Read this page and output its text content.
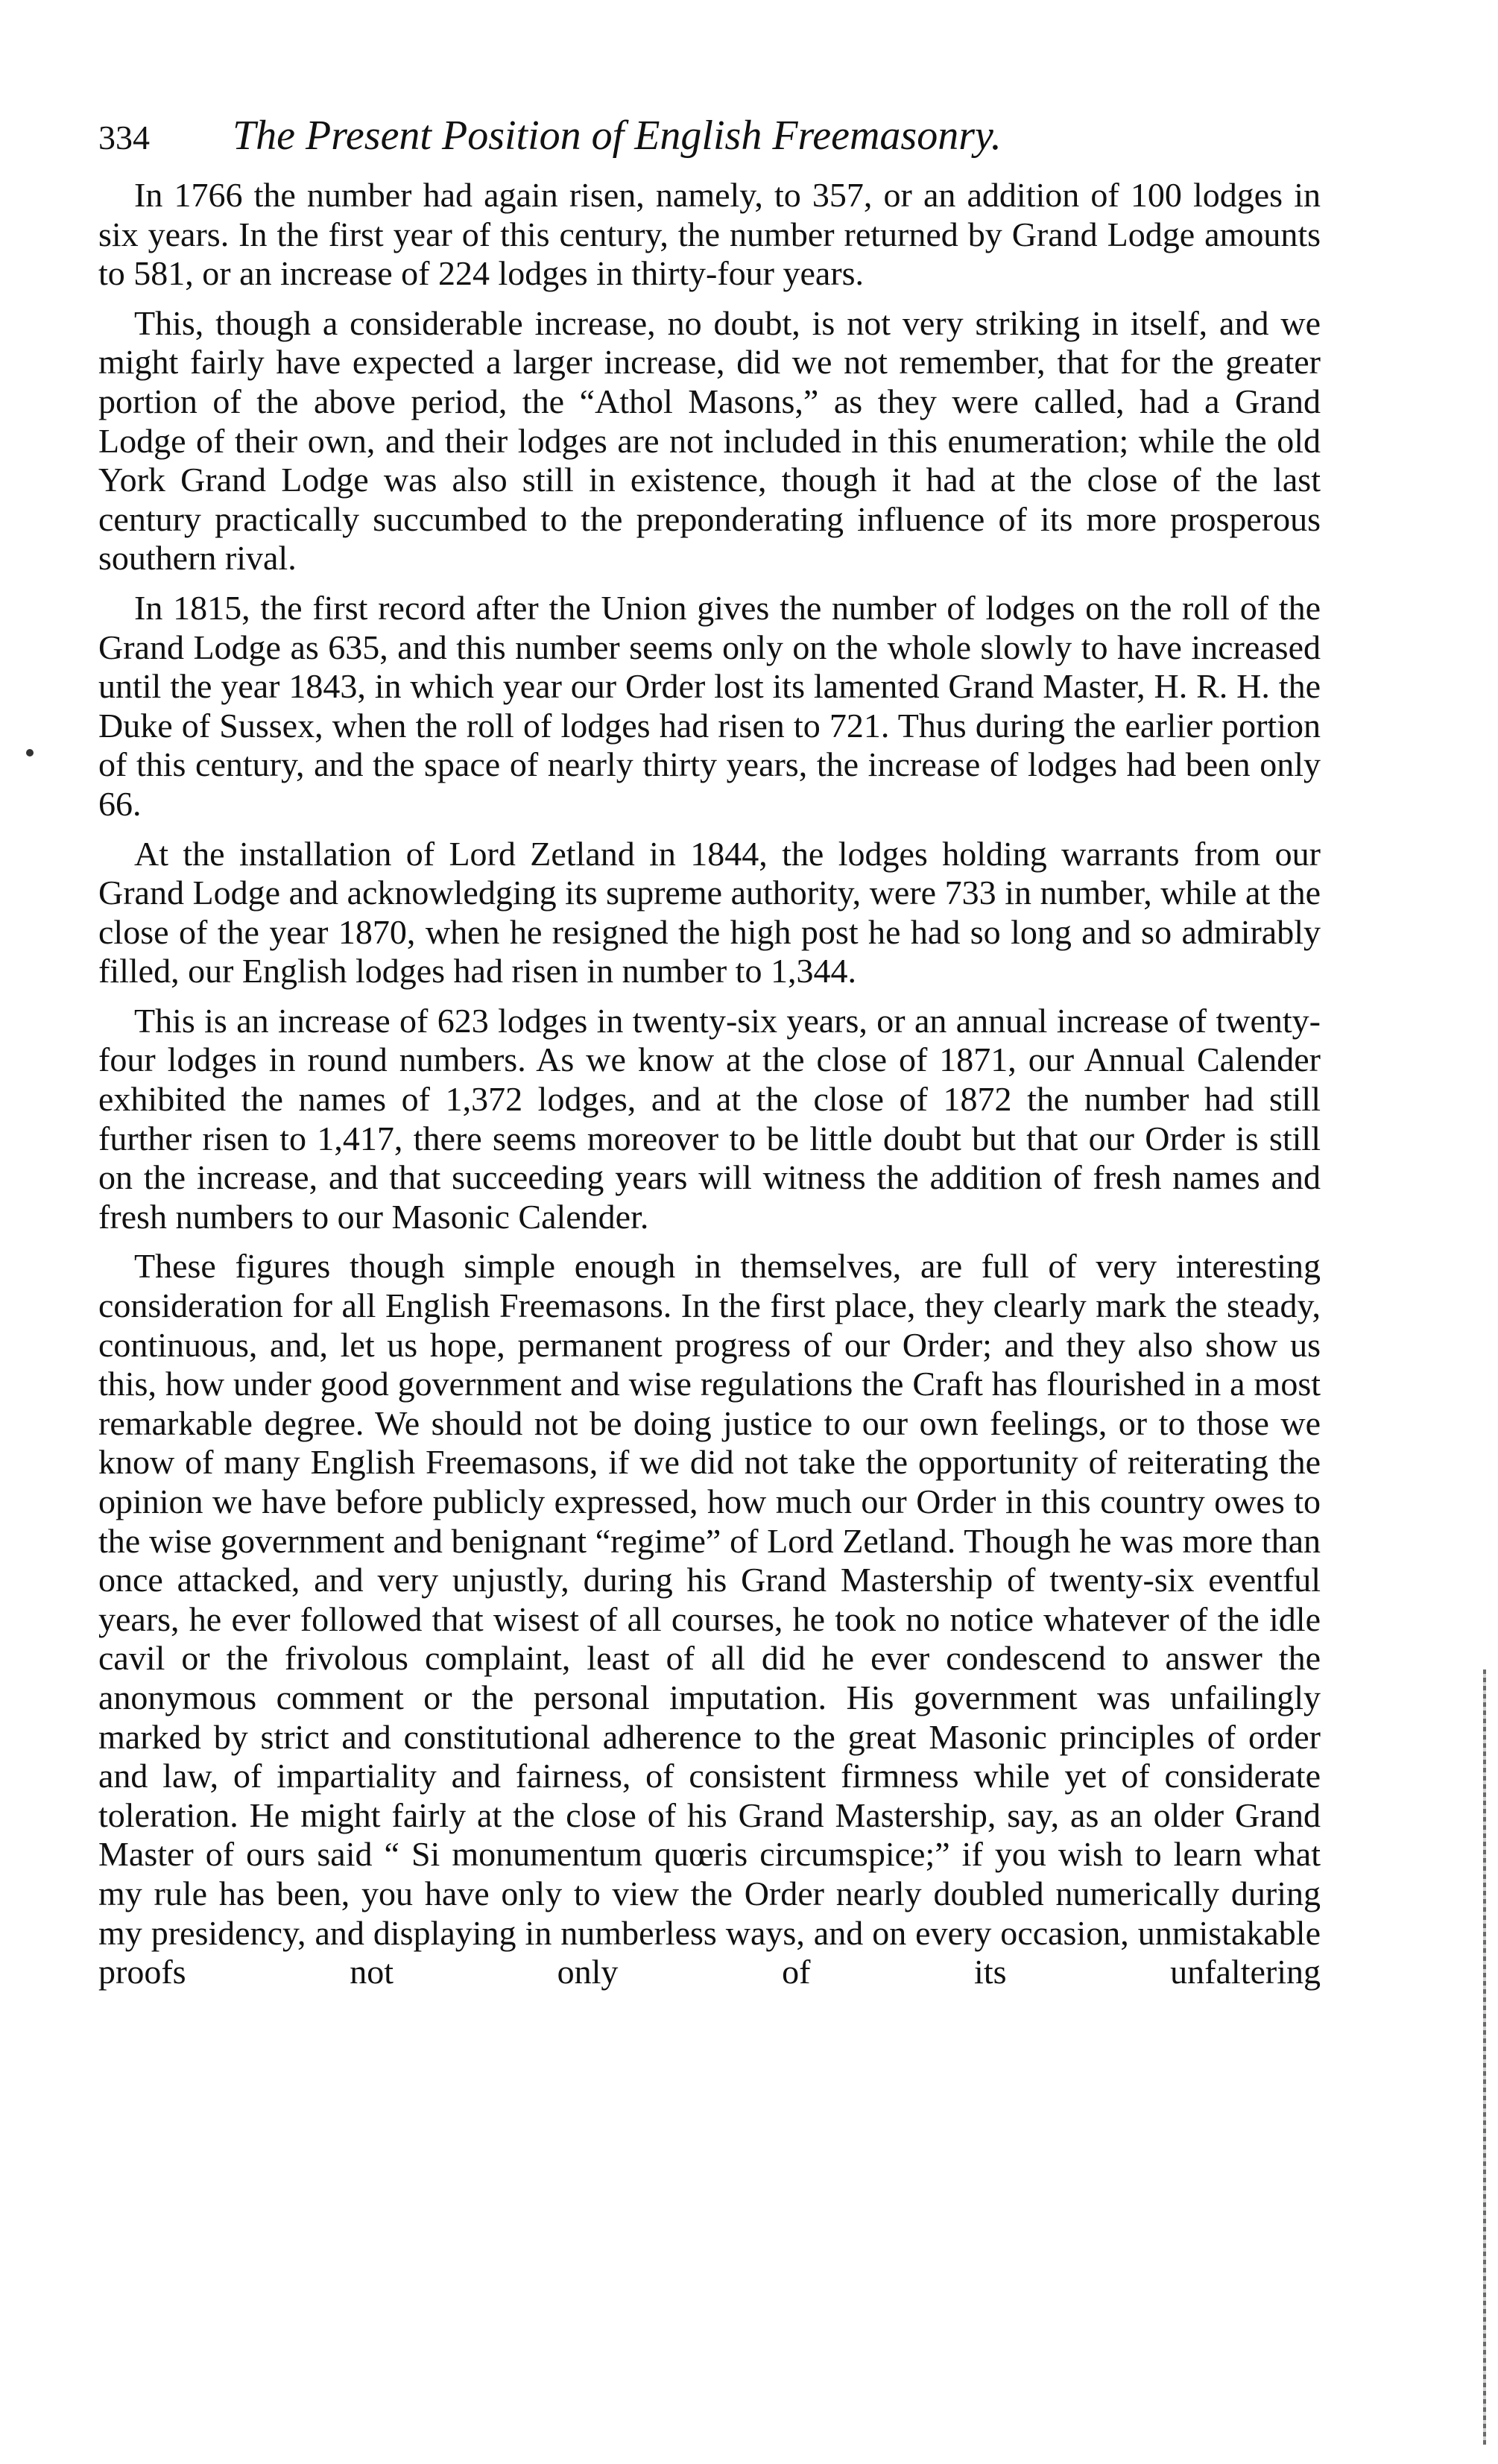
334	The Present Position of English Freemasonry.

In 1766 the number had again risen, namely, to 357, or an addition of 100 lodges in six years. In the first year of this century, the number returned by Grand Lodge amounts to 581, or an increase of 224 lodges in thirty-four years.

This, though a considerable increase, no doubt, is not very striking in itself, and we might fairly have expected a larger increase, did we not remember, that for the greater portion of the above period, the “Athol Masons,” as they were called, had a Grand Lodge of their own, and their lodges are not included in this enumeration; while the old York Grand Lodge was also still in existence, though it had at the close of the last century practically succumbed to the preponderating influence of its more prosperous southern rival.

In 1815, the first record after the Union gives the number of lodges on the roll of the Grand Lodge as 635, and this number seems only on the whole slowly to have increased until the year 1843, in which year our Order lost its lamented Grand Master, H. R. H. the Duke of Sussex, when the roll of lodges had risen to 721. Thus during the earlier portion of this century, and the space of nearly thirty years, the increase of lodges had been only 66.

At the installation of Lord Zetland in 1844, the lodges holding warrants from our Grand Lodge and acknowledging its supreme authority, were 733 in number, while at the close of the year 1870, when he resigned the high post he had so long and so admirably filled, our English lodges had risen in number to 1,344.

This is an increase of 623 lodges in twenty-six years, or an annual increase of twenty-four lodges in round numbers. As we know at the close of 1871, our Annual Calender exhibited the names of 1,372 lodges, and at the close of 1872 the number had still further risen to 1,417, there seems moreover to be little doubt but that our Order is still on the increase, and that succeeding years will witness the addition of fresh names and fresh numbers to our Masonic Calender.

These figures though simple enough in themselves, are full of very interesting consideration for all English Freemasons. In the first place, they clearly mark the steady, continuous, and, let us hope, permanent progress of our Order; and they also show us this, how under good government and wise regulations the Craft has flourished in a most remarkable degree. We should not be doing justice to our own feelings, or to those we know of many English Freemasons, if we did not take the opportunity of reiterating the opinion we have before publicly expressed, how much our Order in this country owes to the wise government and benignant “regime” of Lord Zetland. Though he was more than once attacked, and very unjustly, during his Grand Mastership of twenty-six eventful years, he ever followed that wisest of all courses, he took no notice whatever of the idle cavil or the frivolous complaint, least of all did he ever condescend to answer the anonymous comment or the personal imputation. His government was unfailingly marked by strict and constitutional adherence to the great Masonic principles of order and law, of impartiality and fairness, of consistent firmness while yet of considerate toleration. He might fairly at the close of his Grand Mastership, say, as an older Grand Master of ours said “ Si monumentum quœris circumspice;” if you wish to learn what my rule has been, you have only to view the Order nearly doubled numerically during my presidency, and displaying in numberless ways, and on every occasion, unmistakable proofs not only of its unfaltering
